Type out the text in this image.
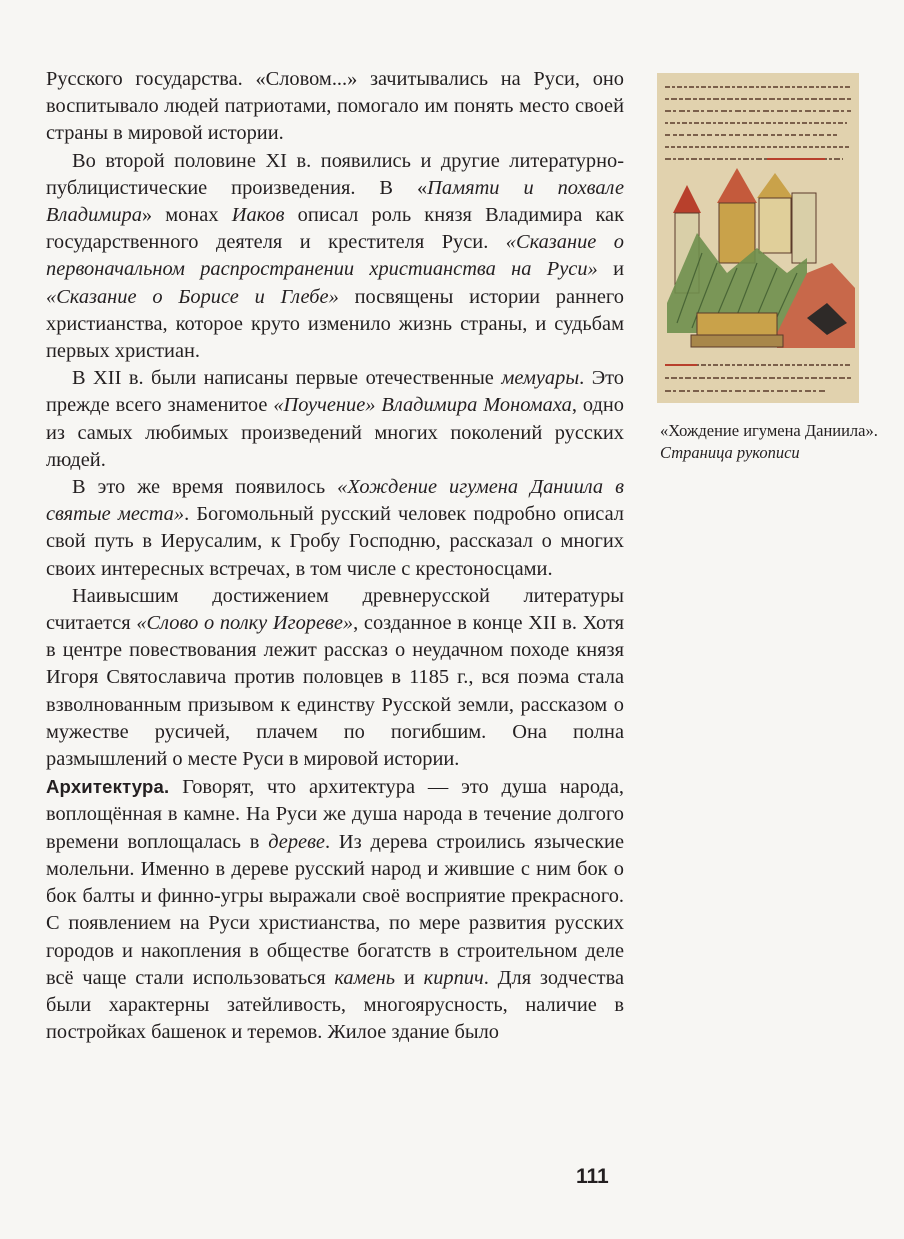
Русского государства. «Словом...» зачитывались на Руси, оно воспитывало людей патриотами, помогало им понять место своей страны в мировой истории.

Во второй половине XI в. появились и другие литературно-публицистические произведения. В «Памяти и похвале Владимира» монах Иаков описал роль князя Владимира как государственного деятеля и крестителя Руси. «Сказание о первоначальном распространении христианства на Руси» и «Сказание о Борисе и Глебе» посвящены истории раннего христианства, которое круто изменило жизнь страны, и судьбам первых христиан.

В XII в. были написаны первые отечественные мемуары. Это прежде всего знаменитое «Поучение» Владимира Мономаха, одно из самых любимых произведений многих поколений русских людей.

В это же время появилось «Хождение игумена Даниила в святые места». Богомольный русский человек подробно описал свой путь в Иерусалим, к Гробу Господню, рассказал о многих своих интересных встречах, в том числе с крестоносцами.

Наивысшим достижением древнерусской литературы считается «Слово о полку Игореве», созданное в конце XII в. Хотя в центре повествования лежит рассказ о неудачном походе князя Игоря Святославича против половцев в 1185 г., вся поэма стала взволнованным призывом к единству Русской земли, рассказом о мужестве русичей, плачем по погибшим. Она полна размышлений о месте Руси в мировой истории.

Архитектура. Говорят, что архитектура — это душа народа, воплощённая в камне. На Руси же душа народа в течение долгого времени воплощалась в дереве. Из дерева строились языческие молельни. Именно в дереве русский народ и жившие с ним бок о бок балты и финно-угры выражали своё восприятие прекрасного. С появлением на Руси христианства, по мере развития русских городов и накопления в обществе богатств в строительном деле всё чаще стали использоваться камень и кирпич. Для зодчества были характерны затейливость, многоярусность, наличие в постройках башенок и теремов. Жилое здание было

«Хождение игумена Даниила».
Страница рукописи
111
